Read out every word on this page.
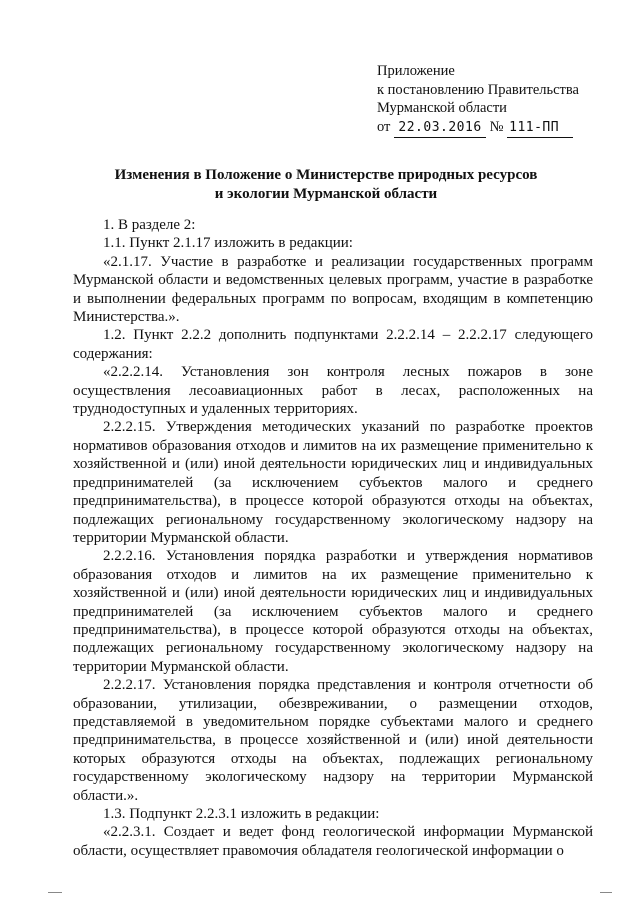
Приложение
к постановлению Правительства
Мурманской области
от 22.03.2016 № 111-ПП
Изменения в Положение о Министерстве природных ресурсов
и экологии Мурманской области

1. В разделе 2:

1.1. Пункт 2.1.17 изложить в редакции:

«2.1.17. Участие в разработке и реализации государственных программ Мурманской области и ведомственных целевых программ, участие в разработке и выполнении федеральных программ по вопросам, входящим в компетенцию Министерства.».

1.2. Пункт 2.2.2 дополнить подпунктами 2.2.2.14 – 2.2.2.17 следующего содержания:

«2.2.2.14. Установления зон контроля лесных пожаров в зоне осуществления лесоавиационных работ в лесах, расположенных на труднодоступных и удаленных территориях.

2.2.2.15. Утверждения методических указаний по разработке проектов нормативов образования отходов и лимитов на их размещение применительно к хозяйственной и (или) иной деятельности юридических лиц и индивидуальных предпринимателей (за исключением субъектов малого и среднего предпринимательства), в процессе которой образуются отходы на объектах, подлежащих региональному государственному экологическому надзору на территории Мурманской области.

2.2.2.16. Установления порядка разработки и утверждения нормативов образования отходов и лимитов на их размещение применительно к хозяйственной и (или) иной деятельности юридических лиц и индивидуальных предпринимателей (за исключением субъектов малого и среднего предпринимательства), в процессе которой образуются отходы на объектах, подлежащих региональному государственному экологическому надзору на территории Мурманской области.

2.2.2.17. Установления порядка представления и контроля отчетности об образовании, утилизации, обезвреживании, о размещении отходов, представляемой в уведомительном порядке субъектами малого и среднего предпринимательства, в процессе хозяйственной и (или) иной деятельности которых образуются отходы на объектах, подлежащих региональному государственному экологическому надзору на территории Мурманской области.».

1.3. Подпункт 2.2.3.1 изложить в редакции:

«2.2.3.1. Создает и ведет фонд геологической информации Мурманской области, осуществляет правомочия обладателя геологической информации о
